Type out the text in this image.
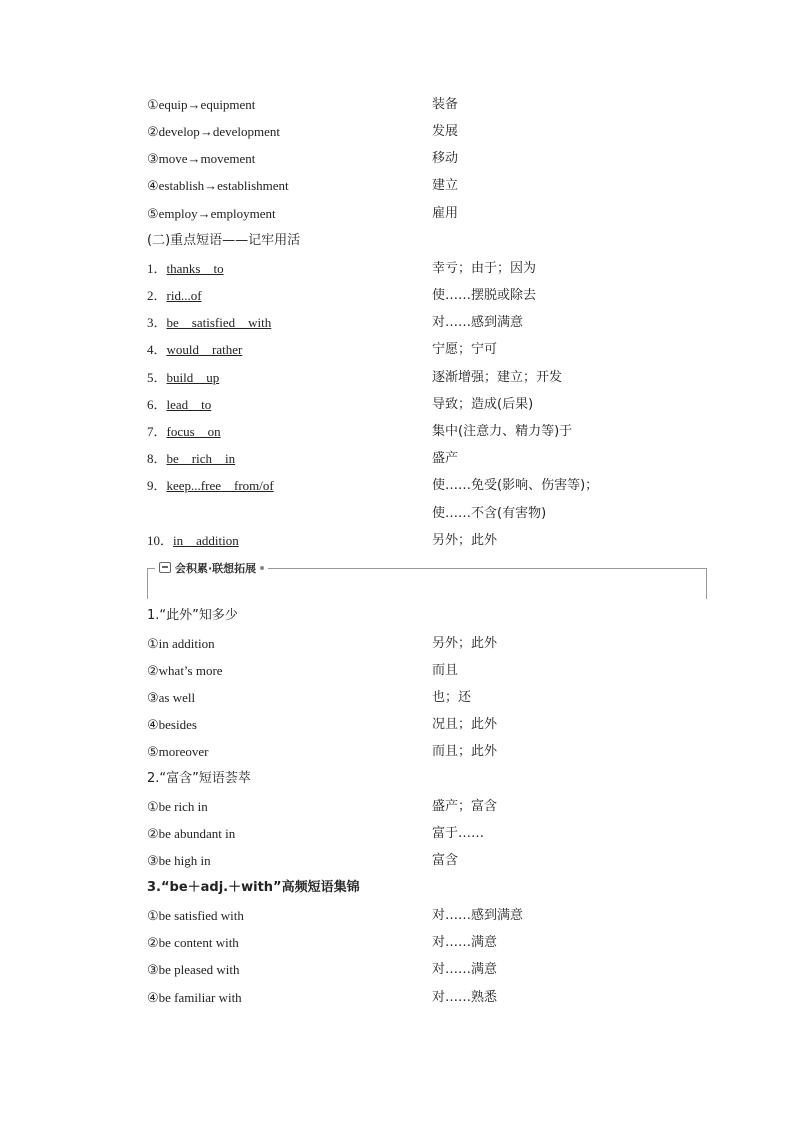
①equip→equipment	装备
②develop→development	发展
③move→movement	移动
④establish→establishment	建立
⑤employ→employment	雇用
(二)重点短语——记牢用活
1．thanks__to	幸亏；由于；因为
2．rid...of	使……摆脱或除去
3．be__satisfied__with	对……感到满意
4．would__rather	宁愿；宁可
5．build__up	逐渐增强；建立；开发
6．lead__to	导致；造成(后果)
7．focus__on	集中(注意力、精力等)于
8．be__rich__in	盛产
9．keep...free__from/of	使……免受(影响、伤害等)；
使……不含(有害物)
10．in__addition	另外；此外
会积累·联想拓展
1.“此外”知多少
①in addition	另外；此外
②what’s more	而且
③as well	也；还
④besides	况且；此外
⑤moreover	而且；此外
2.“富含”短语荟萃
①be rich in	盛产；富含
②be abundant in	富于……
③be high in	富含
3.“be＋adj.＋with”高频短语集锦
①be satisfied with	对……感到满意
②be content with	对……满意
③be pleased with	对……满意
④be familiar with	对……熟悉
